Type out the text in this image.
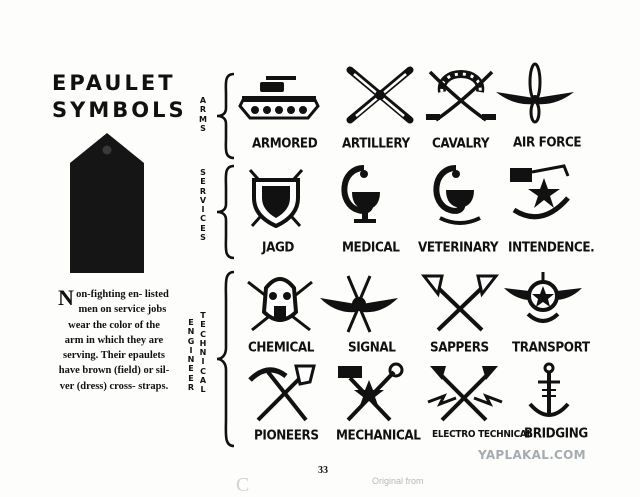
EPAULET
SYMBOLS
Non-fighting en- listed men on service jobs wear the color of the arm in which they are serving. Their epaulets have brown (field) or sil- ver (dress) cross- straps.
ARMS
SERVICES
TECHNICAL
ENGINEER
ARMORED ARTILLERY CAVALRY AIR FORCE
JAGD	MEDICAL VETERINARY INTENDENCE.
CHEMICAL	SIGNAL	SAPPERS TRANSPORT
PIONEERS MECHANICAL ELECTRO TECHNICAL
BRIDGING
33
C	Original from
YAPLAKAL.COM
